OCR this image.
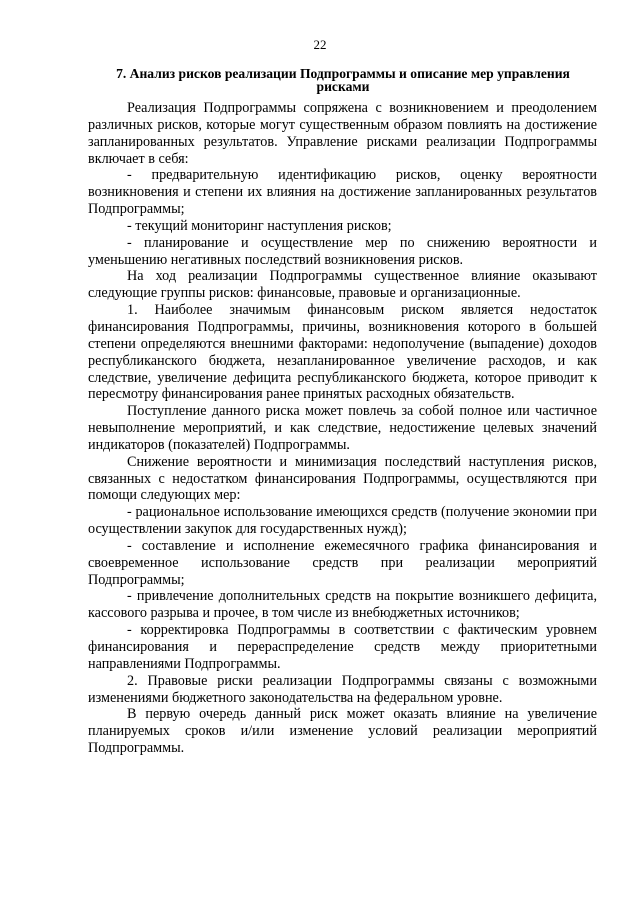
22
7. Анализ рисков реализации Подпрограммы и описание мер управления рисками

Реализация Подпрограммы сопряжена с возникновением и преодолением различных рисков, которые могут существенным образом повлиять на достижение запланированных результатов. Управление рисками реализации Подпрограммы включает в себя:

- предварительную идентификацию рисков, оценку вероятности возникновения и степени их влияния на достижение запланированных результатов Подпрограммы;

- текущий мониторинг наступления рисков;

- планирование и осуществление мер по снижению вероятности и уменьшению негативных последствий возникновения рисков.

На ход реализации Подпрограммы существенное влияние оказывают следующие группы рисков: финансовые, правовые и организационные.

1. Наиболее значимым финансовым риском является недостаток финансирования Подпрограммы, причины, возникновения которого в большей степени определяются внешними факторами: недополучение (выпадение) доходов республиканского бюджета, незапланированное увеличение расходов, и как следствие, увеличение дефицита республиканского бюджета, которое приводит к пересмотру финансирования ранее принятых расходных обязательств.

Поступление данного риска может повлечь за собой полное или частичное невыполнение мероприятий, и как следствие, недостижение целевых значений индикаторов (показателей) Подпрограммы.

Снижение вероятности и минимизация последствий наступления рисков, связанных с недостатком финансирования Подпрограммы, осуществляются при помощи следующих мер:

- рациональное использование имеющихся средств (получение экономии при осуществлении закупок для государственных нужд);

- составление и исполнение ежемесячного графика финансирования и своевременное использование средств при реализации мероприятий Подпрограммы;

- привлечение дополнительных средств на покрытие возникшего дефицита, кассового разрыва и прочее, в том числе из внебюджетных источников;

- корректировка Подпрограммы в соответствии с фактическим уровнем финансирования и перераспределение средств между приоритетными направлениями Подпрограммы.

2. Правовые риски реализации Подпрограммы связаны с возможными изменениями бюджетного законодательства на федеральном уровне.

В первую очередь данный риск может оказать влияние на увеличение планируемых сроков и/или изменение условий реализации мероприятий Подпрограммы.
